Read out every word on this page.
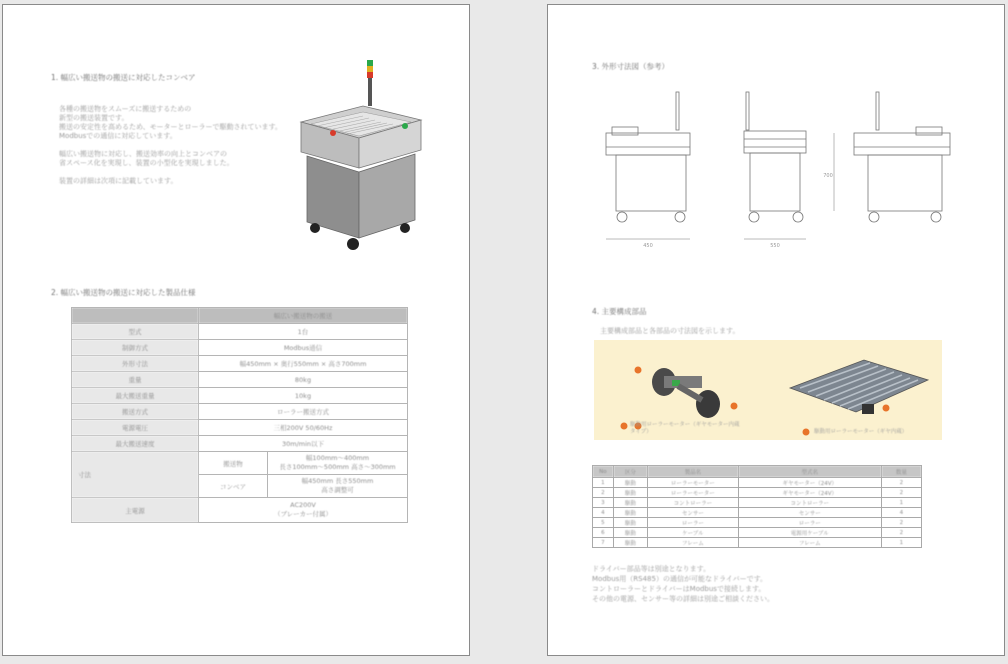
1. 幅広い搬送物の搬送に対応したコンベア
各種の搬送物をスムーズに搬送するための
新型の搬送装置です。
搬送の安定性を高めるため、モーターとローラーで駆動されています。
Modbusでの通信に対応しています。
幅広い搬送物に対応し、搬送効率の向上とコンベアの
省スペース化を実現し、装置の小型化を実現しました。
装置の詳細は次項に記載しています。
2. 幅広い搬送物の搬送に対応した製品仕様
	幅広い搬送物の搬送	
型式	1台	
制御方式	Modbus通信	
外形寸法	幅450mm × 奥行550mm × 高さ700mm	
重量	80kg	
最大搬送重量	10kg	
搬送方式	ローラー搬送方式	
電源電圧	三相200V 50/60Hz	
最大搬送速度	30m/min以下	
寸法	搬送物	幅100mm〜400mm
長さ100mm〜500mm 高さ〜300mm

	コンベア	幅450mm 長さ550mm
高さ調整可

主電源	AC200V
（ブレーカー付属）	
3. 外形寸法図（参考）
450	550
700
4. 主要構成部品
主要構成部品と各部品の寸法図を示します。
駆動用ローラーモーター（ギヤモーター内蔵タイプ）	駆動用ローラーモーター（ギヤ内蔵）
No	区分	製品名	型式名	数量
1	駆動	ローラーモーター	ギヤモーター（24V）	2
2	駆動	ローラーモーター	ギヤモーター（24V）	2
3	駆動	コントローラー	コントローラー	1
4	駆動	センサー	センサー	4
5	駆動	ローラー	ローラー	2
6	駆動	ケーブル	電源用ケーブル	2
7	駆動	フレーム	フレーム	1
ドライバー部品等は別途となります。
Modbus用（RS485）の通信が可能なドライバーです。
コントローラーとドライバーはModbusで接続します。
その他の電源、センサー等の詳細は別途ご相談ください。
